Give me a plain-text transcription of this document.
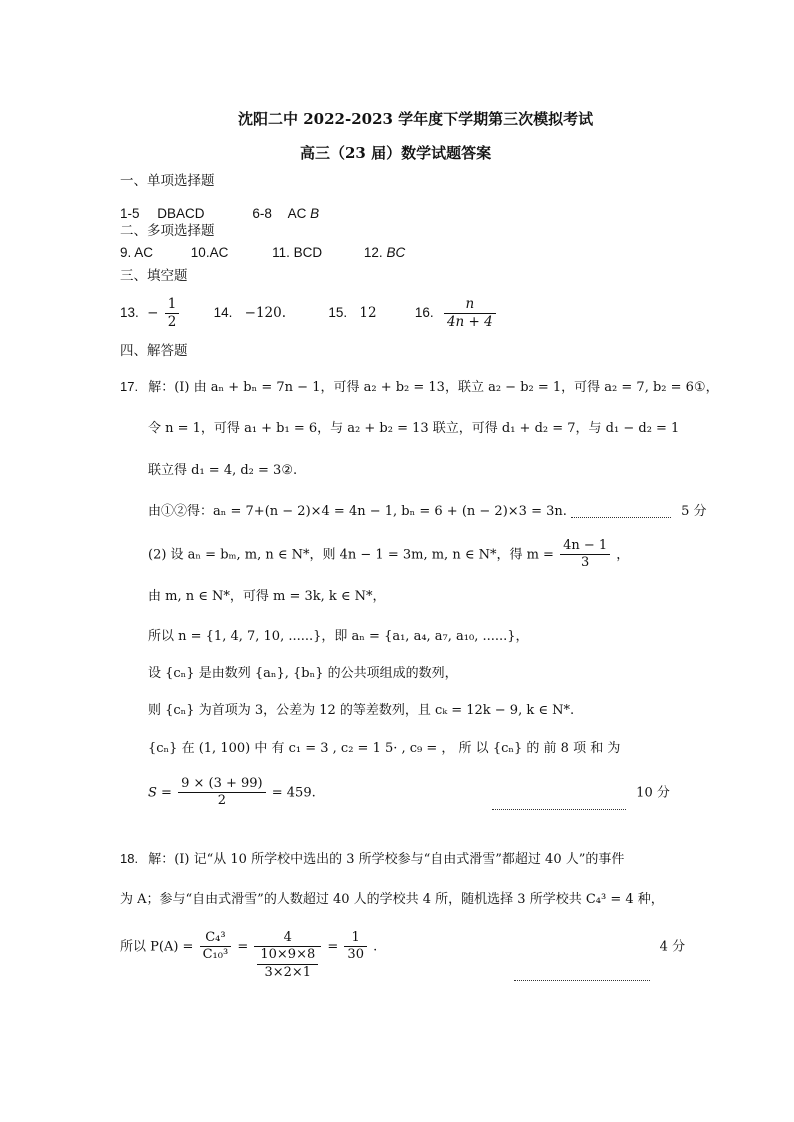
沈阳二中 2022-2023 学年度下学期第三次模拟考试
高三（23 届）数学试题答案
一、单项选择题
1-5 DBACD	6-8 AC B
二、多项选择题
9. AC	10.AC	11. BCD	12. BC
三、填空题
13. − $\frac{1}{2}$	14. −120.	15. 12	16. $\frac{n}{4n + 4}$
四、解答题
17. 解：(I) 由 aₙ + bₙ = 7n − 1，可得 a₂ + b₂ = 13，联立 a₂ − b₂ = 1，可得 a₂ = 7, b₂ = 6①，
令 n = 1，可得 a₁ + b₁ = 6，与 a₂ + b₂ = 13 联立，可得 d₁ + d₂ = 7，与 d₁ − d₂ = 1
联立得 d₁ = 4, d₂ = 3②.
由①②得：aₙ = 7+(n − 2)×4 = 4n − 1, bₙ = 6 + (n − 2)×3 = 3n.	5 分
(2) 设 aₙ = bₘ, m, n ∈ N*，则 4n − 1 = 3m, m, n ∈ N*，得 $m = \frac{4n - 1}{3}$ ，
由 m, n ∈ N*，可得 m = 3k, k ∈ N*，
所以 n = {1, 4, 7, 10, ......}，即 aₙ = {a₁, a₄, a₇, a₁₀, ......}，
设 {cₙ} 是由数列 {aₙ}, {bₙ} 的公共项组成的数列，
则 {cₙ} 为首项为 3，公差为 12 的等差数列，且 cₖ = 12k − 9, k ∈ N*.
{cₙ} 在 (1, 100) 中 有 c₁ = 3 , c₂ = 1 5· , c₉ = ， 所 以 {cₙ} 的 前 8 项 和 为
$S = \frac{9 \times (3 + 99)}{2} = 459$.	10 分
18. 解：(I) 记“从 10 所学校中选出的 3 所学校参与“自由式滑雪”都超过 40 人”的事件
为 A；参与“自由式滑雪”的人数超过 40 人的学校共 4 所，随机选择 3 所学校共 C₄³ = 4 种，
所以 $P(A) = \frac{\text{C₄³}}{\text{C₁₀³}} = 4$
10×9×8
$3\times 2\times 1 = \frac{1}{30}$ .	4 分
